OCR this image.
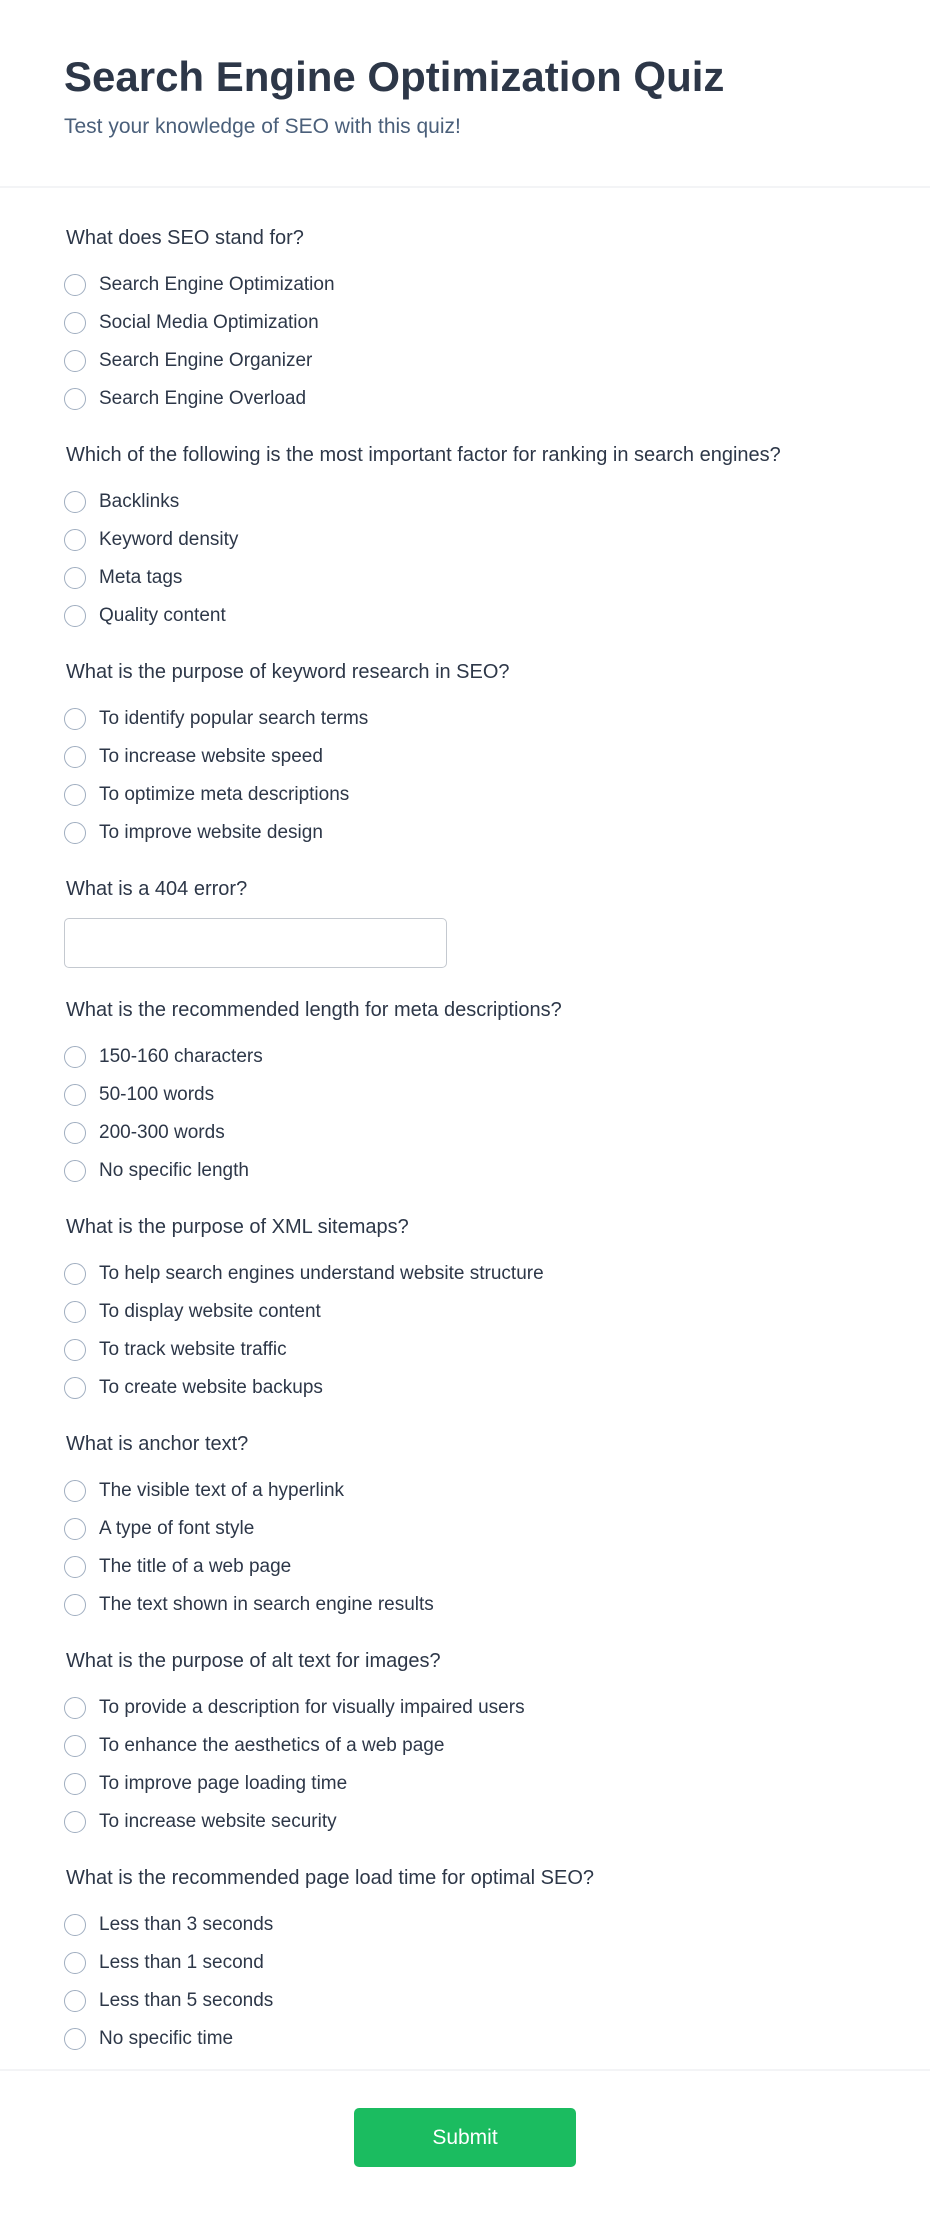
Search Engine Optimization Quiz

Test your knowledge of SEO with this quiz!

What does SEO stand for?
Search Engine Optimization
Social Media Optimization
Search Engine Organizer
Search Engine Overload
Which of the following is the most important factor for ranking in search engines?
Backlinks
Keyword density
Meta tags
Quality content
What is the purpose of keyword research in SEO?
To identify popular search terms
To increase website speed
To optimize meta descriptions
To improve website design
What is a 404 error?
What is the recommended length for meta descriptions?
150-160 characters
50-100 words
200-300 words
No specific length
What is the purpose of XML sitemaps?
To help search engines understand website structure
To display website content
To track website traffic
To create website backups
What is anchor text?
The visible text of a hyperlink
A type of font style
The title of a web page
The text shown in search engine results
What is the purpose of alt text for images?
To provide a description for visually impaired users
To enhance the aesthetics of a web page
To improve page loading time
To increase website security
What is the recommended page load time for optimal SEO?
Less than 3 seconds
Less than 1 second
Less than 5 seconds
No specific time
Submit
